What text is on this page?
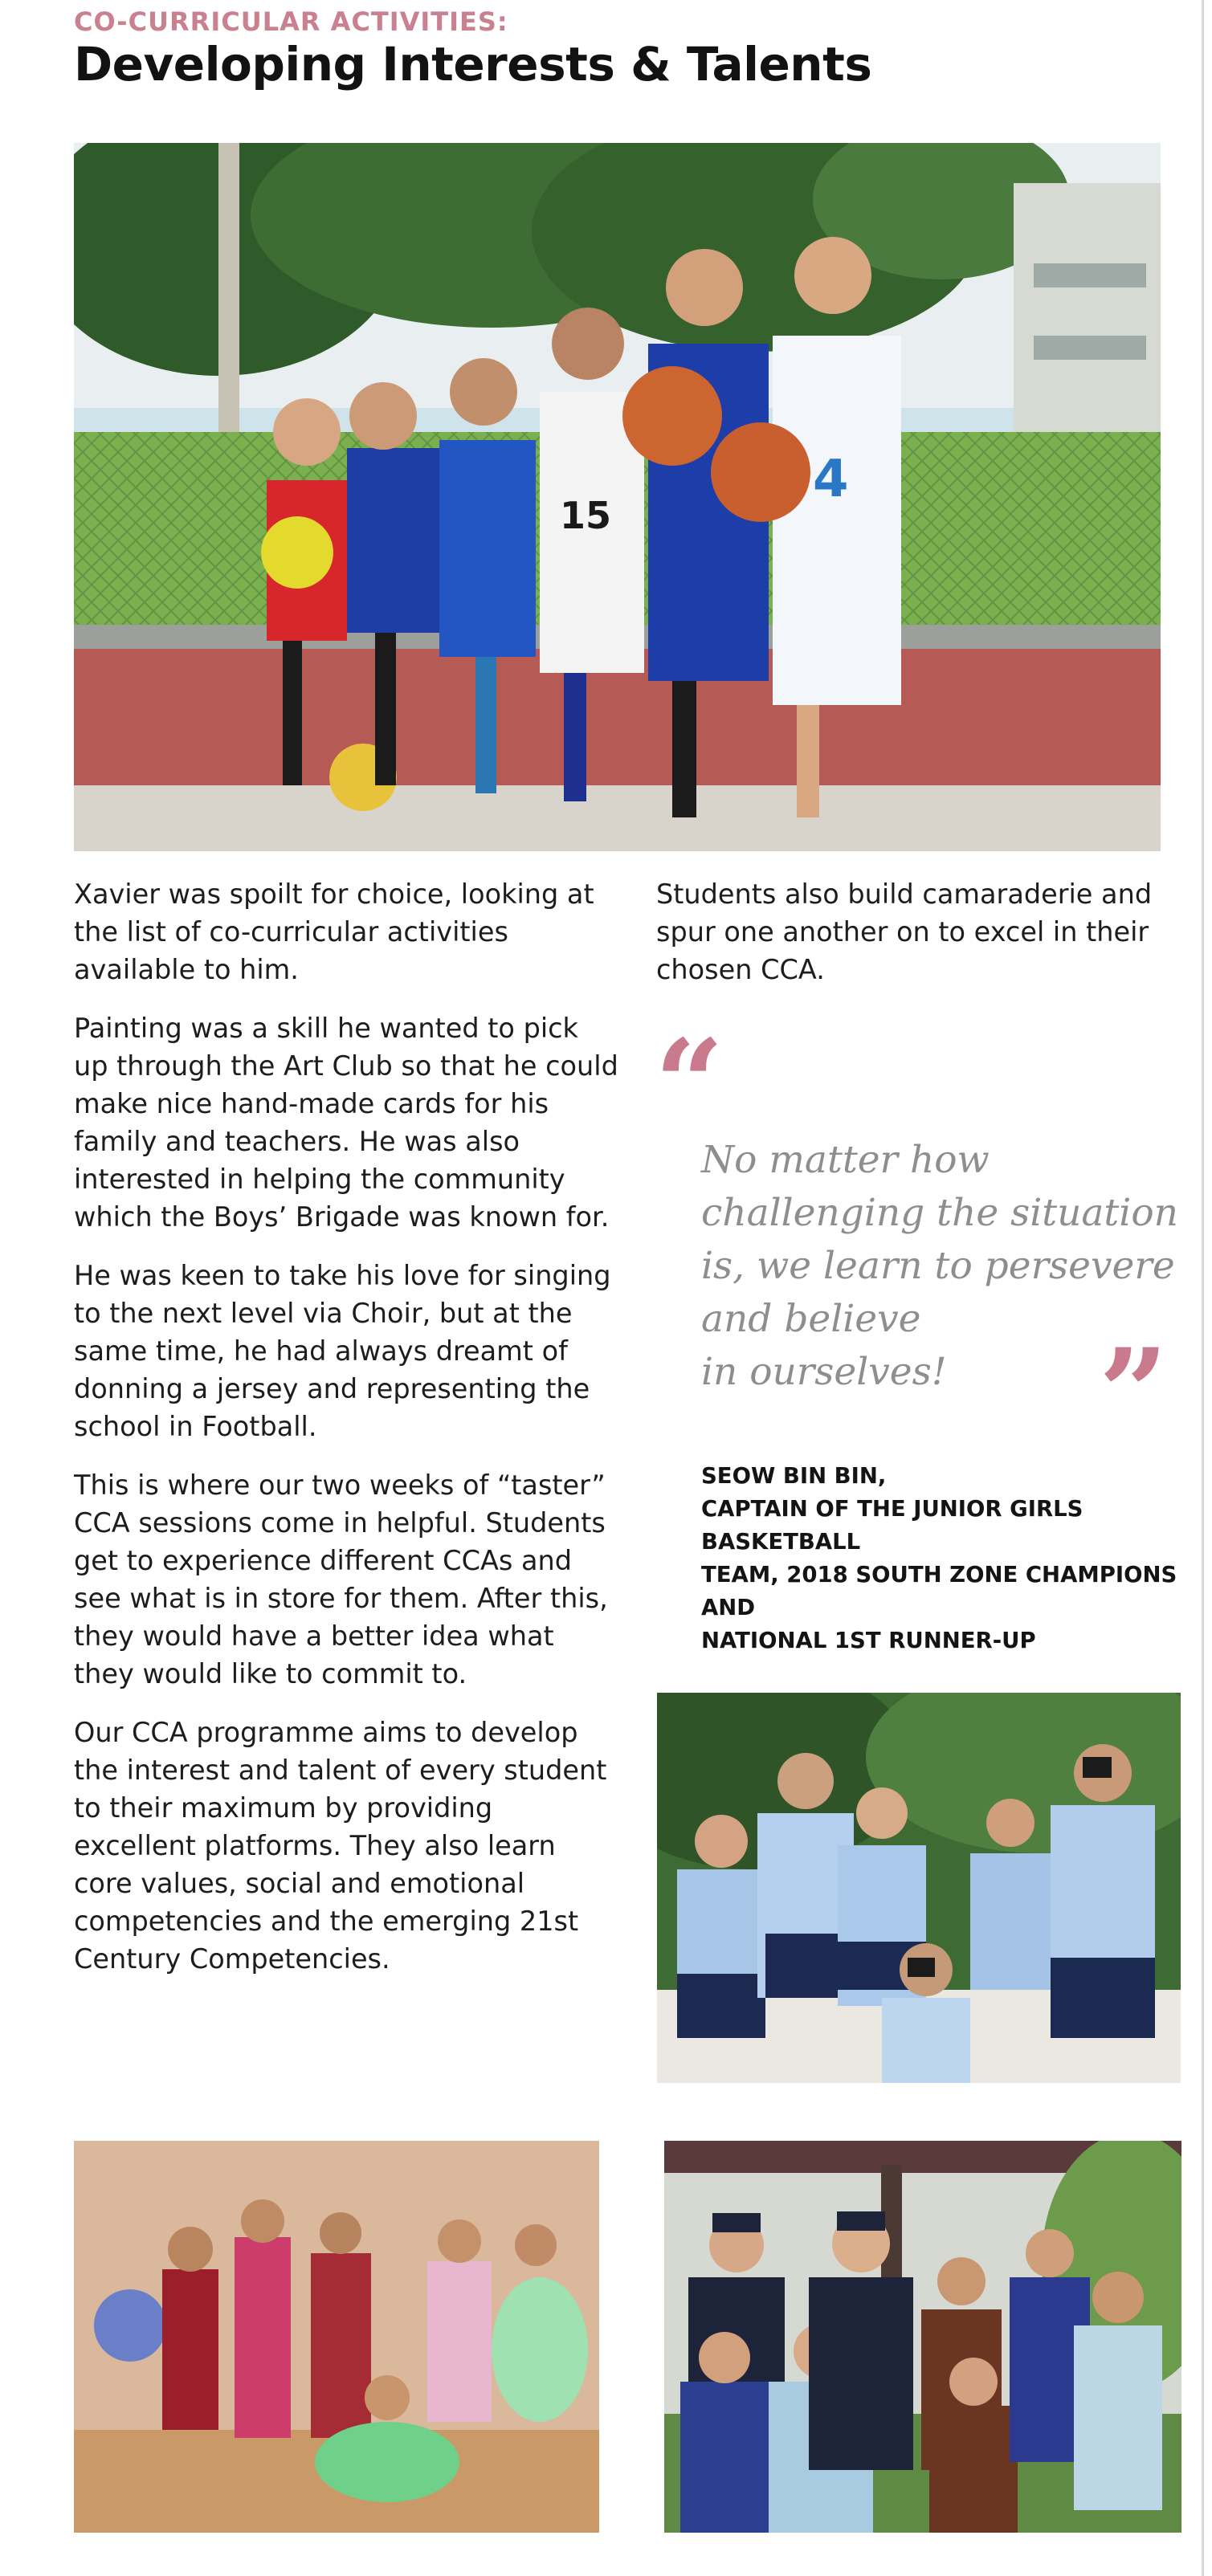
CO-CURRICULAR ACTIVITIES:
Developing Interests & Talents
15
4

Xavier was spoilt for choice, looking at the list of co-curricular activities available to him.

Painting was a skill he wanted to pick up through the Art Club so that he could make nice hand-made cards for his family and teachers. He was also interested in helping the community which the Boys’ Brigade was known for.

He was keen to take his love for singing to the next level via Choir, but at the same time, he had always dreamt of donning a jersey and representing the school in Football.

This is where our two weeks of “taster” CCA sessions come in helpful. Students get to experience different CCAs and see what is in store for them. After this, they would have a better idea what they would like to commit to.

Our CCA programme aims to develop the interest and talent of every student to their maximum by providing excellent platforms. They also learn core values, social and emotional competencies and the emerging 21st Century Competencies.

Students also build camaraderie and spur one another on to excel in their chosen CCA.

“
No matter how
challenging the situation
is, we learn to persevere
and believe
in ourselves!	”
SEOW BIN BIN,
CAPTAIN OF THE JUNIOR GIRLS BASKETBALL
TEAM, 2018 SOUTH ZONE CHAMPIONS AND
NATIONAL 1ST RUNNER-UP
